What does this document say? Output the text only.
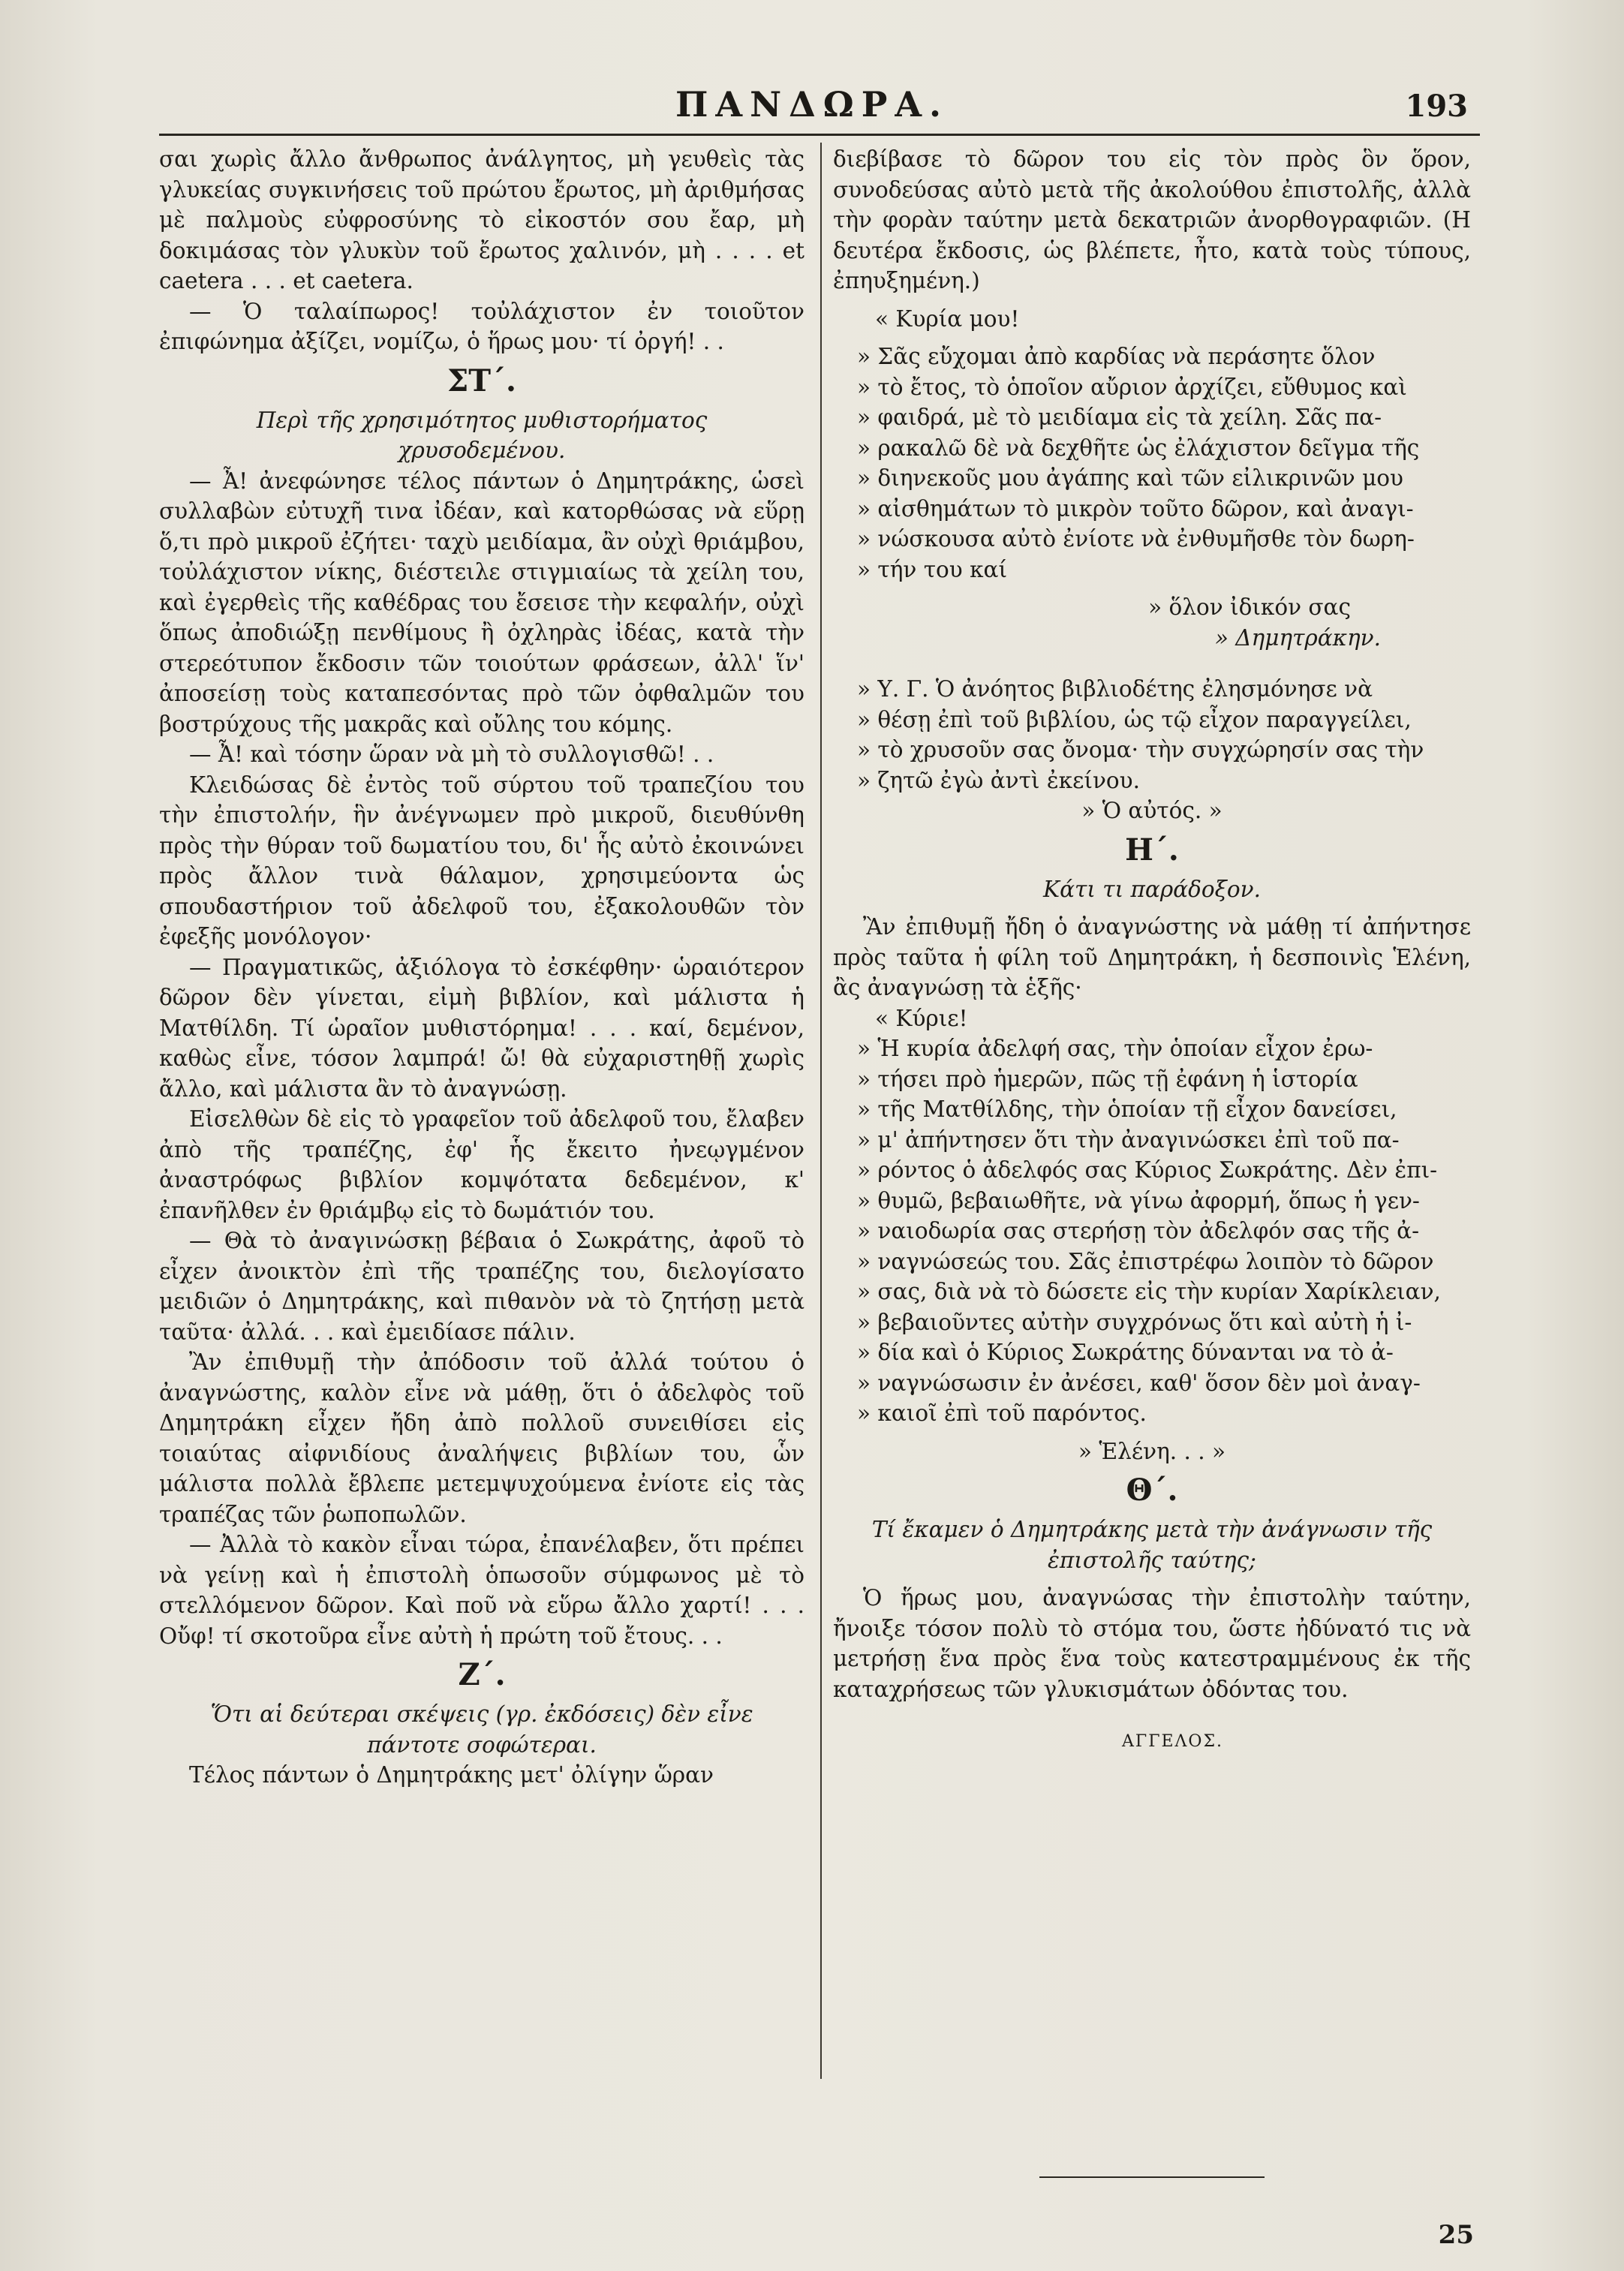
ΠΑΝΔΩΡΑ.	193

σαι χωρὶς ἄλλο ἄνθρωπος ἀνάλγητος, μὴ γευθεὶς τὰς γλυκείας συγκινήσεις τοῦ πρώτου ἔρωτος, μὴ ἀριθμήσας μὲ παλμοὺς εὐφροσύνης τὸ εἰκοστόν σου ἔαρ, μὴ δοκιμάσας τὸν γλυκὺν τοῦ ἔρωτος χαλινόν, μὴ . . . . et caetera . . . et caetera.

— Ὁ ταλαίπωρος! τοὐλάχιστον ἐν τοιοῦτον ἐπιφώνημα ἀξίζει, νομίζω, ὁ ἥρως μου· τί ὀργή! . .

ΣΤ΄.
Περὶ τῆς χρησιμότητος μυθιστορήματος χρυσοδεμένου.

— Ἆ! ἀνεφώνησε τέλος πάντων ὁ Δημητράκης, ὡσεὶ συλλαβὼν εὐτυχῆ τινα ἰδέαν, καὶ κατορθώσας νὰ εὕρῃ ὅ,τι πρὸ μικροῦ ἐζήτει· ταχὺ μειδίαμα, ἂν οὐχὶ θριάμβου, τοὐλάχιστον νίκης, διέστειλε στιγμιαίως τὰ χείλη του, καὶ ἐγερθεὶς τῆς καθέδρας του ἔσεισε τὴν κεφαλήν, οὐχὶ ὅπως ἀποδιώξῃ πενθίμους ἢ ὀχληρὰς ἰδέας, κατὰ τὴν στερεότυπον ἔκδοσιν τῶν τοιούτων φράσεων, ἀλλ' ἵν' ἀποσείσῃ τοὺς καταπεσόντας πρὸ τῶν ὀφθαλμῶν του βοστρύχους τῆς μακρᾶς καὶ οὔλης του κόμης.

— Ἆ! καὶ τόσην ὥραν νὰ μὴ τὸ συλλογισθῶ! . .

Κλειδώσας δὲ ἐντὸς τοῦ σύρτου τοῦ τραπεζίου του τὴν ἐπιστολήν, ἣν ἀνέγνωμεν πρὸ μικροῦ, διευθύνθη πρὸς τὴν θύραν τοῦ δωματίου του, δι' ἧς αὐτὸ ἐκοινώνει πρὸς ἄλλον τινὰ θάλαμον, χρησιμεύοντα ὡς σπουδαστήριον τοῦ ἀδελφοῦ του, ἐξακολουθῶν τὸν ἐφεξῆς μονόλογον·

— Πραγματικῶς, ἀξιόλογα τὸ ἐσκέφθην· ὡραιότερον δῶρον δὲν γίνεται, εἰμὴ βιβλίον, καὶ μάλιστα ἡ Ματθίλδη. Τί ὡραῖον μυθιστόρημα! . . . καί, δεμένον, καθὼς εἶνε, τόσον λαμπρά! ὤ! θὰ εὐχαριστηθῇ χωρὶς ἄλλο, καὶ μάλιστα ἂν τὸ ἀναγνώσῃ.

Εἰσελθὼν δὲ εἰς τὸ γραφεῖον τοῦ ἀδελφοῦ του, ἔλαβεν ἀπὸ τῆς τραπέζης, ἐφ' ἧς ἔκειτο ἠνεῳγμένον ἀναστρόφως βιβλίον κομψότατα δεδεμένον, κ' ἐπανῆλθεν ἐν θριάμβῳ εἰς τὸ δωμάτιόν του.

— Θὰ τὸ ἀναγινώσκῃ βέβαια ὁ Σωκράτης, ἀφοῦ τὸ εἶχεν ἀνοικτὸν ἐπὶ τῆς τραπέζης του, διελογίσατο μειδιῶν ὁ Δημητράκης, καὶ πιθανὸν νὰ τὸ ζητήσῃ μετὰ ταῦτα· ἀλλά. . . καὶ ἐμειδίασε πάλιν.

Ἂν ἐπιθυμῇ τὴν ἀπόδοσιν τοῦ ἀλλά τούτου ὁ ἀναγνώστης, καλὸν εἶνε νὰ μάθῃ, ὅτι ὁ ἀδελφὸς τοῦ Δημητράκη εἶχεν ἤδη ἀπὸ πολλοῦ συνειθίσει εἰς τοιαύτας αἰφνιδίους ἀναλήψεις βιβλίων του, ὧν μάλιστα πολλὰ ἔβλεπε μετεμψυχούμενα ἐνίοτε εἰς τὰς τραπέζας τῶν ῥωποπωλῶν.

— Ἀλλὰ τὸ κακὸν εἶναι τώρα, ἐπανέλαβεν, ὅτι πρέπει νὰ γείνῃ καὶ ἡ ἐπιστολὴ ὁπωσοῦν σύμφωνος μὲ τὸ στελλόμενον δῶρον. Καὶ ποῦ νὰ εὕρω ἄλλο χαρτί! . . . Οὔφ! τί σκοτοῦρα εἶνε αὐτὴ ἡ πρώτη τοῦ ἔτους. . .

Ζ΄.
Ὅτι αἱ δεύτεραι σκέψεις (γρ. ἐκδόσεις) δὲν εἶνε πάντοτε σοφώτεραι.

Τέλος πάντων ὁ Δημητράκης μετ' ὀλίγην ὥραν

διεβίβασε τὸ δῶρον του εἰς τὸν πρὸς ὃν ὅρον, συνοδεύσας αὐτὸ μετὰ τῆς ἀκολούθου ἐπιστολῆς, ἀλλὰ τὴν φορὰν ταύτην μετὰ δεκατριῶν ἀνορθογραφιῶν. (Η δευτέρα ἔκδοσις, ὡς βλέπετε, ἦτο, κατὰ τοὺς τύπους, ἐπηυξημένη.)

« Κυρία μου!
» Σᾶς εὔχομαι ἀπὸ καρδίας νὰ περάσητε ὅλον
» τὸ ἔτος, τὸ ὁποῖον αὔριον ἀρχίζει, εὔθυμος καὶ
» φαιδρά, μὲ τὸ μειδίαμα εἰς τὰ χείλη. Σᾶς πα-
» ρακαλῶ δὲ νὰ δεχθῆτε ὡς ἐλάχιστον δεῖγμα τῆς
» διηνεκοῦς μου ἀγάπης καὶ τῶν εἰλικρινῶν μου
» αἰσθημάτων τὸ μικρὸν τοῦτο δῶρον, καὶ ἀναγι-
» νώσκουσα αὐτὸ ἐνίοτε νὰ ἐνθυμῆσθε τὸν δωρη-
» τήν του καί
» ὅλον ἰδικόν σας
» Δημητράκην.
» Υ. Γ. Ὁ ἀνόητος βιβλιοδέτης ἐλησμόνησε νὰ
» θέσῃ ἐπὶ τοῦ βιβλίου, ὡς τῷ εἶχον παραγγείλει,
» τὸ χρυσοῦν σας ὄνομα· τὴν συγχώρησίν σας τὴν
» ζητῶ ἐγὼ ἀντὶ ἐκείνου.
» Ὁ αὐτός. »
Η΄.
Κάτι τι παράδοξον.

Ἂν ἐπιθυμῇ ἤδη ὁ ἀναγνώστης νὰ μάθῃ τί ἀπήντησε πρὸς ταῦτα ἡ φίλη τοῦ Δημητράκη, ἡ δεσποινὶς Ἑλένη, ἂς ἀναγνώσῃ τὰ ἑξῆς·

« Κύριε!
» Ἡ κυρία ἀδελφή σας, τὴν ὁποίαν εἶχον ἐρω-
» τήσει πρὸ ἡμερῶν, πῶς τῇ ἐφάνη ἡ ἱστορία
» τῆς Ματθίλδης, τὴν ὁποίαν τῇ εἶχον δανείσει,
» μ' ἀπήντησεν ὅτι τὴν ἀναγινώσκει ἐπὶ τοῦ πα-
» ρόντος ὁ ἀδελφός σας Κύριος Σωκράτης. Δὲν ἐπι-
» θυμῶ, βεβαιωθῆτε, νὰ γίνω ἀφορμή, ὅπως ἡ γεν-
» ναιοδωρία σας στερήσῃ τὸν ἀδελφόν σας τῆς ἀ-
» ναγνώσεώς του. Σᾶς ἐπιστρέφω λοιπὸν τὸ δῶρον
» σας, διὰ νὰ τὸ δώσετε εἰς τὴν κυρίαν Χαρίκλειαν,
» βεβαιοῦντες αὐτὴν συγχρόνως ὅτι καὶ αὐτὴ ἡ ἰ-
» δία καὶ ὁ Κύριος Σωκράτης δύνανται να τὸ ἀ-
» ναγνώσωσιν ἐν ἀνέσει, καθ' ὅσον δὲν μοὶ ἀναγ-
» καιοῖ ἐπὶ τοῦ παρόντος.
» Ἑλένη. . . »
Θ΄.
Τί ἔκαμεν ὁ Δημητράκης μετὰ τὴν ἀνάγνωσιν τῆς ἐπιστολῆς ταύτης;

Ὁ ἥρως μου, ἀναγνώσας τὴν ἐπιστολὴν ταύτην, ἤνοιξε τόσον πολὺ τὸ στόμα του, ὥστε ἠδύνατό τις νὰ μετρήσῃ ἕνα πρὸς ἕνα τοὺς κατεστραμμένους ἐκ τῆς καταχρήσεως τῶν γλυκισμάτων ὀδόντας του.

ΑΓΓΕΛΟΣ.
25
